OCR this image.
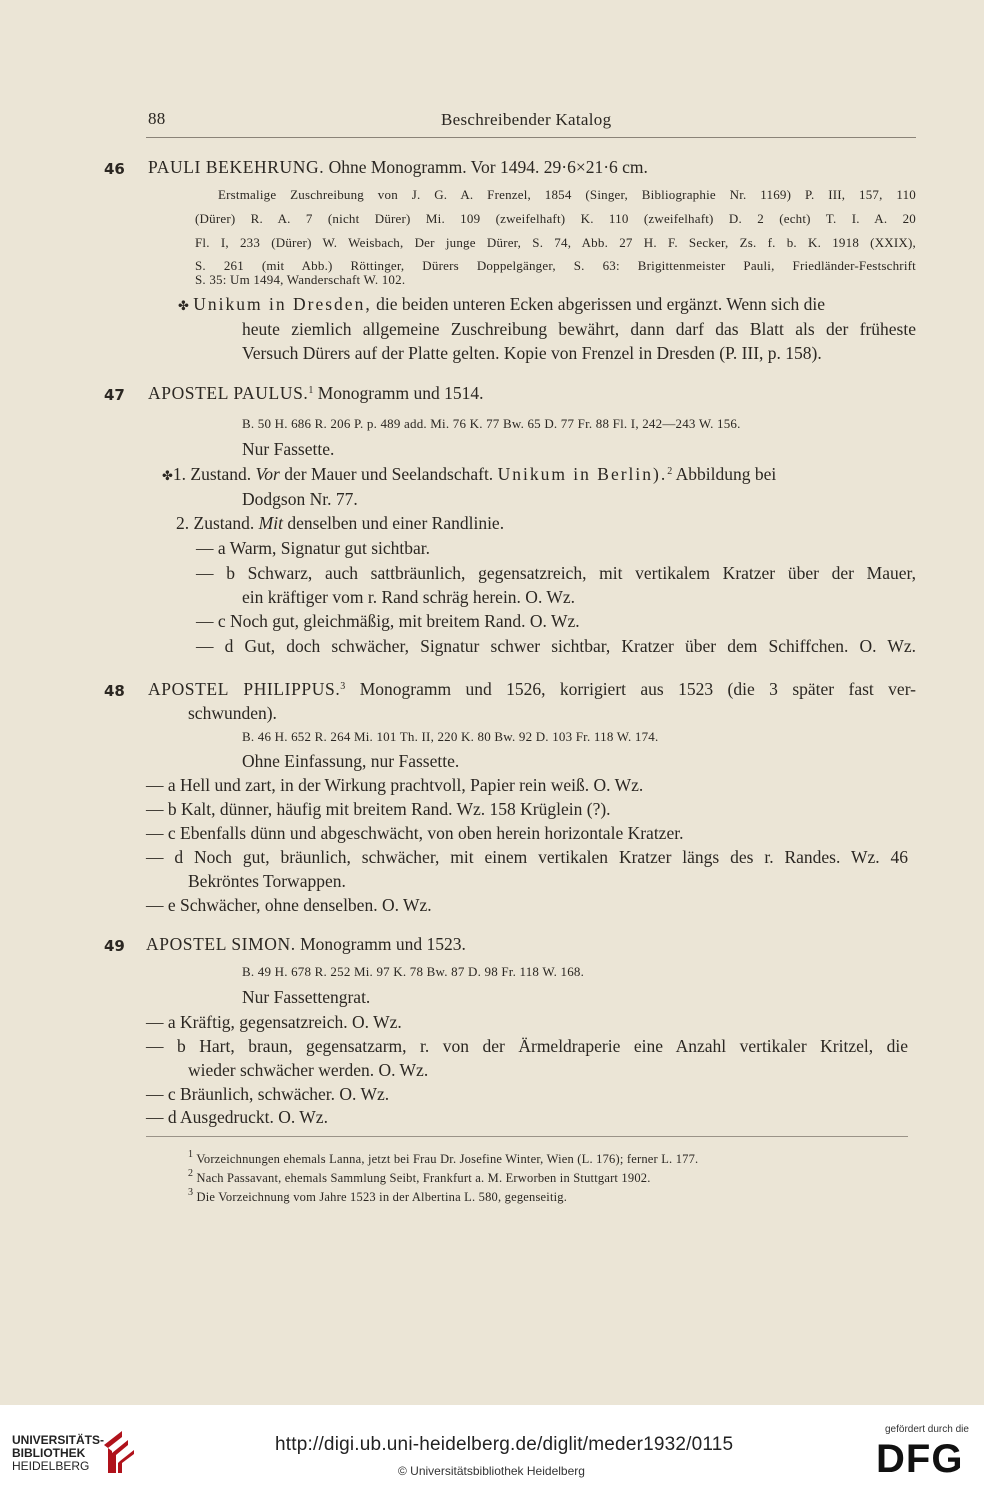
88	Beschreibender Katalog
46 PAULI BEKEHRUNG. Ohne Monogramm. Vor 1494. 29·6×21·6 cm.
Erstmalige Zuschreibung von J. G. A. Frenzel, 1854 (Singer, Bibliographie Nr. 1169) P. III, 157, 110
(Dürer) R. A. 7 (nicht Dürer) Mi. 109 (zweifelhaft) K. 110 (zweifelhaft) D. 2 (echt) T. I. A. 20
Fl. I, 233 (Dürer) W. Weisbach, Der junge Dürer, S. 74, Abb. 27 H. F. Secker, Zs. f. b. K. 1918 (XXIX),
S. 261 (mit Abb.) Röttinger, Dürers Doppelgänger, S. 63: Brigittenmeister Pauli, Friedländer-Festschrift
S. 35: Um 1494, Wanderschaft W. 102.
✤ Unikum in Dresden, die beiden unteren Ecken abgerissen und ergänzt. Wenn sich die
heute ziemlich allgemeine Zuschreibung bewährt, dann darf das Blatt als der früheste
Versuch Dürers auf der Platte gelten. Kopie von Frenzel in Dresden (P. III, p. 158).
47 APOSTEL PAULUS.$^1$ Monogramm und 1514.
B. 50 H. 686 R. 206 P. p. 489 add. Mi. 76 K. 77 Bw. 65 D. 77 Fr. 88 Fl. I, 242—243 W. 156.
Nur Fassette.
✤1. Zustand. Vor der Mauer und Seelandschaft. Unikum in Berlin).$^2$ Abbildung bei
Dodgson Nr. 77.
2. Zustand. Mit denselben und einer Randlinie.
— a Warm, Signatur gut sichtbar.
— b Schwarz, auch sattbräunlich, gegensatzreich, mit vertikalem Kratzer über der Mauer,
ein kräftiger vom r. Rand schräg herein. O. Wz.
— c Noch gut, gleichmäßig, mit breitem Rand. O. Wz.
— d Gut, doch schwächer, Signatur schwer sichtbar, Kratzer über dem Schiffchen. O. Wz.
48 APOSTEL PHILIPPUS.$^3$ Monogramm und 1526, korrigiert aus 1523 (die 3 später fast ver-
schwunden).
B. 46 H. 652 R. 264 Mi. 101 Th. II, 220 K. 80 Bw. 92 D. 103 Fr. 118 W. 174.
Ohne Einfassung, nur Fassette.
— a Hell und zart, in der Wirkung prachtvoll, Papier rein weiß. O. Wz.
— b Kalt, dünner, häufig mit breitem Rand. Wz. 158 Krüglein (?).
— c Ebenfalls dünn und abgeschwächt, von oben herein horizontale Kratzer.
— d Noch gut, bräunlich, schwächer, mit einem vertikalen Kratzer längs des r. Randes. Wz. 46
Bekröntes Torwappen.
— e Schwächer, ohne denselben. O. Wz.
49 APOSTEL SIMON. Monogramm und 1523.
B. 49 H. 678 R. 252 Mi. 97 K. 78 Bw. 87 D. 98 Fr. 118 W. 168.
Nur Fassettengrat.
— a Kräftig, gegensatzreich. O. Wz.
— b Hart, braun, gegensatzarm, r. von der Ärmeldraperie eine Anzahl vertikaler Kritzel, die
wieder schwächer werden. O. Wz.
— c Bräunlich, schwächer. O. Wz.
— d Ausgedruckt. O. Wz.
$^1$ Vorzeichnungen ehemals Lanna, jetzt bei Frau Dr. Josefine Winter, Wien (L. 176); ferner L. 177.
$^2$ Nach Passavant, ehemals Sammlung Seibt, Frankfurt a. M. Erworben in Stuttgart 1902.
$^3$ Die Vorzeichnung vom Jahre 1523 in der Albertina L. 580, gegenseitig.
UNIVERSITÄTS-
BIBLIOTHEK
HEIDELBERG
http://digi.ub.uni-heidelberg.de/diglit/meder1932/0115
© Universitätsbibliothek Heidelberg
gefördert durch die
DFG
